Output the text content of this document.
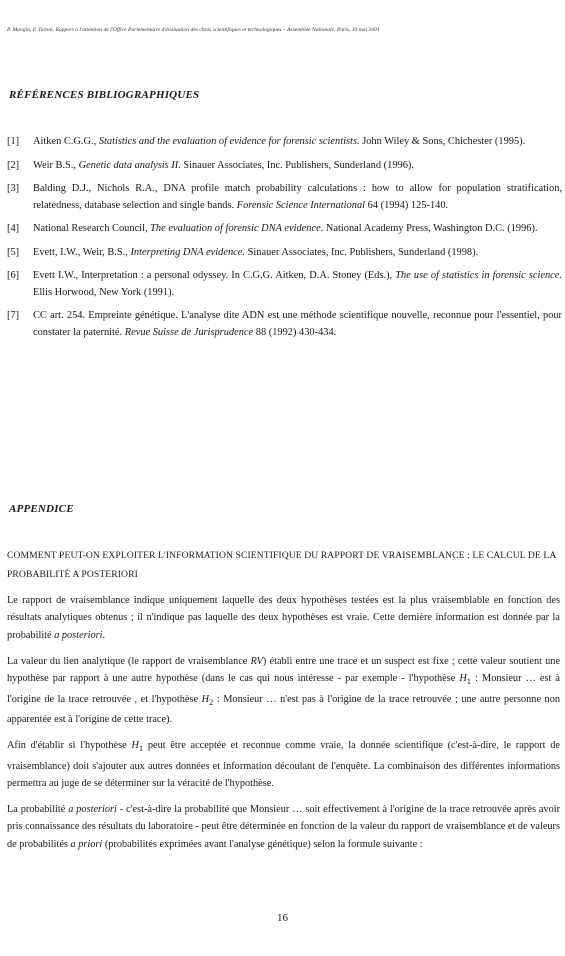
P. Mangin, F. Taroni, Rapport à l'attention de l'Office Parlementaire d'évaluation des choix scientifiques et technologiques – Assemblée Nationale, Paris, 10 mai 2001
RÉFÉRENCES BIBLIOGRAPHIQUES
[1]	Aitken C.G.G., Statistics and the evaluation of evidence for forensic scientists. John Wiley & Sons, Chichester (1995).
[2]	Weir B.S., Genetic data analysis II. Sinauer Associates, Inc. Publishers, Sunderland (1996).
[3]	Balding D.J., Nichols R.A., DNA profile match probability calculations : how to allow for population stratification, relatedness, database selection and single bands. Forensic Science International 64 (1994) 125-140.
[4]	National Research Council, The evaluation of forensic DNA evidence. National Academy Press, Washington D.C. (1996).
[5]	Evett, I.W., Weir, B.S., Interpreting DNA evidence. Sinauer Associates, Inc. Publishers, Sunderland (1998).
[6]	Evett I.W., Interpretation : a personal odyssey. In C.G.G. Aitken, D.A. Stoney (Eds.), The use of statistics in forensic science. Ellis Horwood, New York (1991).
[7]	CC art. 254. Empreinte génétique. L'analyse dite ADN est une méthode scientifique nouvelle, reconnue pour l'essentiel, pour constater la paternité. Revue Suisse de Jurisprudence 88 (1992) 430-434.
APPENDICE
COMMENT PEUT-ON EXPLOITER L'INFORMATION SCIENTIFIQUE DU RAPPORT DE VRAISEMBLANCE : LE CALCUL DE LA PROBABILITÉ A POSTERIORI
Le rapport de vraisemblance indique uniquement laquelle des deux hypothèses testées est la plus vraisemblable en fonction des résultats analytiques obtenus ; il n'indique pas laquelle des deux hypothèses est vraie. Cette dernière information est donnée par la probabilité a posteriori.
La valeur du lien analytique (le rapport de vraisemblance RV) établi entre une trace et un suspect est fixe ; cette valeur soutient une hypothèse par rapport à une autre hypothèse (dans le cas qui nous intéresse - par exemple - l'hypothèse $H_1$ : Monsieur … est à l'origine de la trace retrouvée , et l'hypothèse $H_2$ : Monsieur … n'est pas à l'origine de la trace retrouvée ; une autre personne non apparentée est à l'origine de cette trace).
Afin d'établir si l'hypothèse $H_1$ peut être acceptée et reconnue comme vraie, la donnée scientifique (c'est-à-dire, le rapport de vraisemblance) doit s'ajouter aux autres données et information découlant de l'enquête. La combinaison des différentes informations permettra au juge de se déterminer sur la véracité de l'hypothèse.
La probabilité a posteriori - c'est-à-dire la probabilité que Monsieur … soit effectivement à l'origine de la trace retrouvée après avoir pris connaissance des résultats du laboratoire - peut être déterminée en fonction de la valeur du rapport de vraisemblance et de valeurs de probabilités a priori (probabilités exprimées avant l'analyse génétique) selon la formule suivante :
16
